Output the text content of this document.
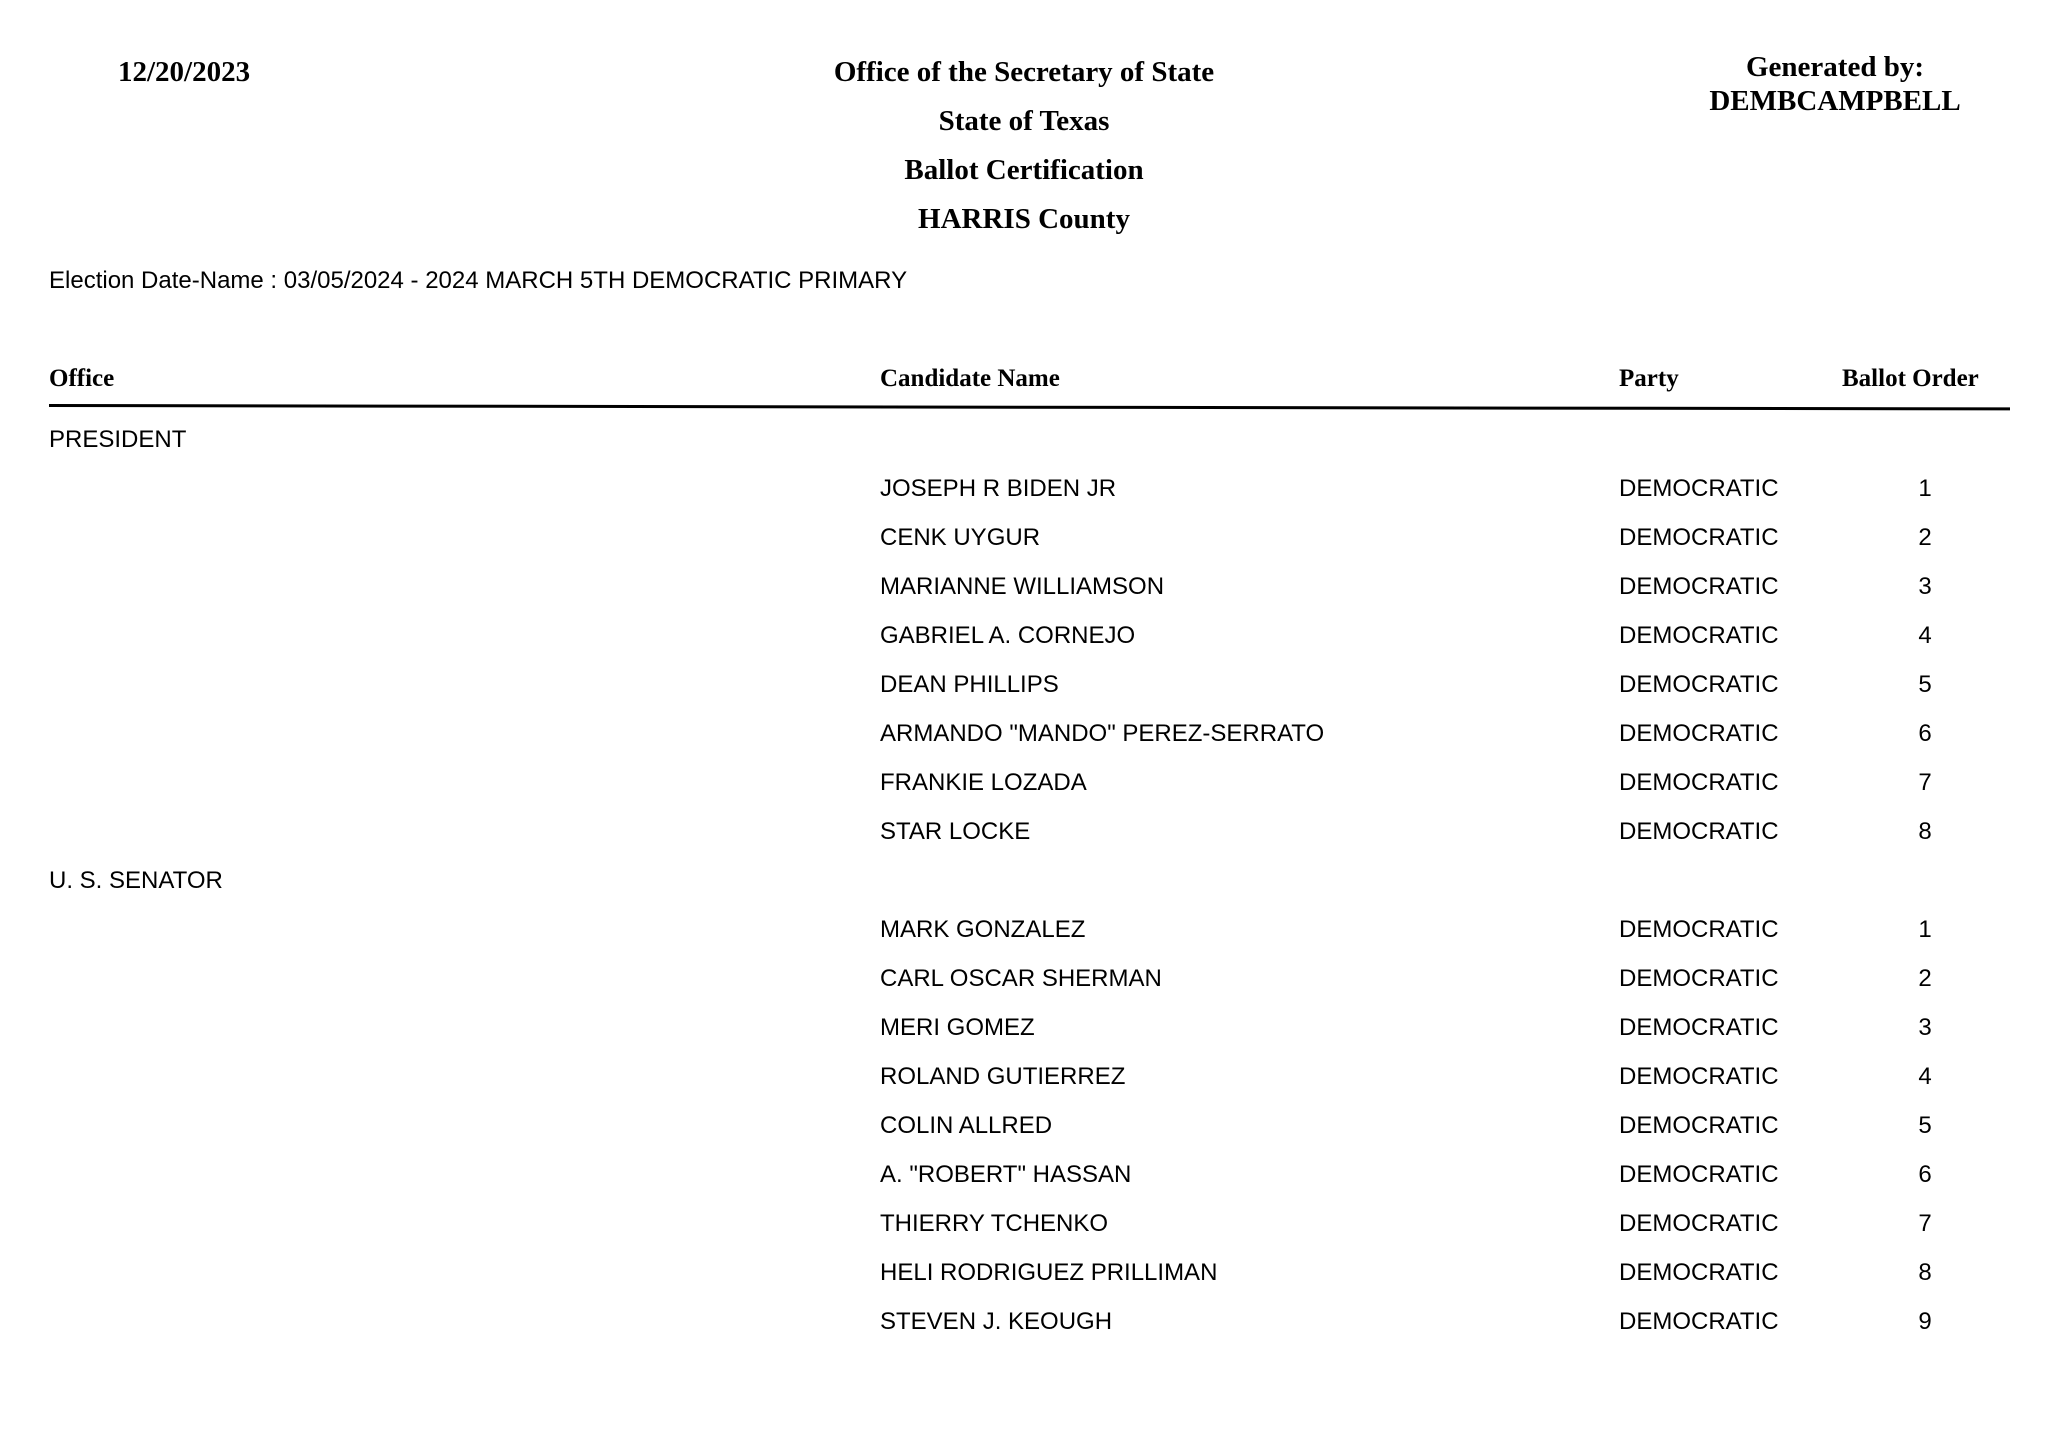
12/20/2023	Office of the Secretary of State
State of Texas
Ballot Certification
HARRIS County
Generated by:
DEMBCAMPBELL
Election Date-Name : 03/05/2024 - 2024 MARCH 5TH DEMOCRATIC PRIMARY
Office	Candidate Name	Party	Ballot Order
PRESIDENT
JOSEPH R BIDEN JR	DEMOCRATIC	1
CENK UYGUR	DEMOCRATIC	2
MARIANNE WILLIAMSON	DEMOCRATIC	3
GABRIEL A. CORNEJO	DEMOCRATIC	4
DEAN PHILLIPS	DEMOCRATIC	5
ARMANDO "MANDO" PEREZ-SERRATO	DEMOCRATIC	6
FRANKIE LOZADA	DEMOCRATIC	7
STAR LOCKE	DEMOCRATIC	8
U. S. SENATOR
MARK GONZALEZ	DEMOCRATIC	1
CARL OSCAR SHERMAN	DEMOCRATIC	2
MERI GOMEZ	DEMOCRATIC	3
ROLAND GUTIERREZ	DEMOCRATIC	4
COLIN ALLRED	DEMOCRATIC	5
A. "ROBERT" HASSAN	DEMOCRATIC	6
THIERRY TCHENKO	DEMOCRATIC	7
HELI RODRIGUEZ PRILLIMAN	DEMOCRATIC	8
STEVEN J. KEOUGH	DEMOCRATIC	9
